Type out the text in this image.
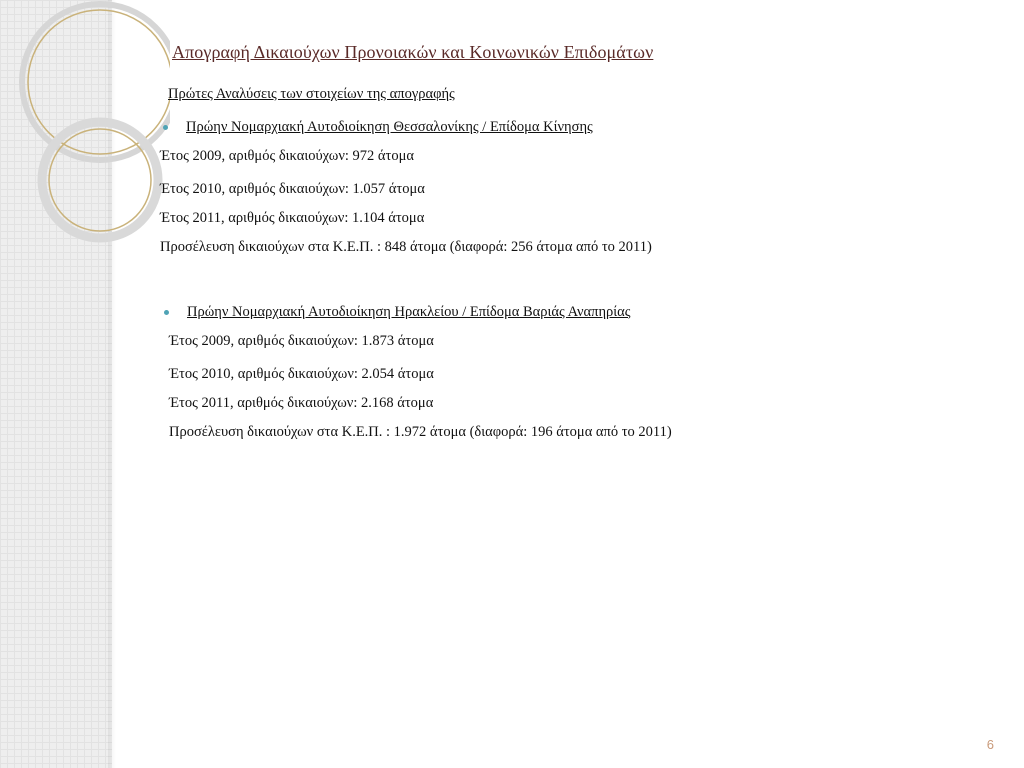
Απογραφή Δικαιούχων Προνοιακών και Κοινωνικών Επιδομάτων
Πρώτες Αναλύσεις των στοιχείων της απογραφής
Πρώην Νομαρχιακή Αυτοδιοίκηση Θεσσαλονίκης / Επίδομα Κίνησης
Έτος 2009, αριθμός δικαιούχων: 972 άτομα
Έτος 2010, αριθμός δικαιούχων: 1.057 άτομα
Έτος 2011, αριθμός δικαιούχων: 1.104 άτομα
Προσέλευση δικαιούχων στα Κ.Ε.Π. : 848 άτομα (διαφορά: 256 άτομα από το 2011)
Πρώην Νομαρχιακή Αυτοδιοίκηση Ηρακλείου / Επίδομα Βαριάς Αναπηρίας
Έτος 2009, αριθμός δικαιούχων: 1.873 άτομα
Έτος 2010, αριθμός δικαιούχων: 2.054 άτομα
Έτος 2011, αριθμός δικαιούχων: 2.168 άτομα
Προσέλευση δικαιούχων στα Κ.Ε.Π. : 1.972 άτομα (διαφορά: 196 άτομα από το 2011)
6
